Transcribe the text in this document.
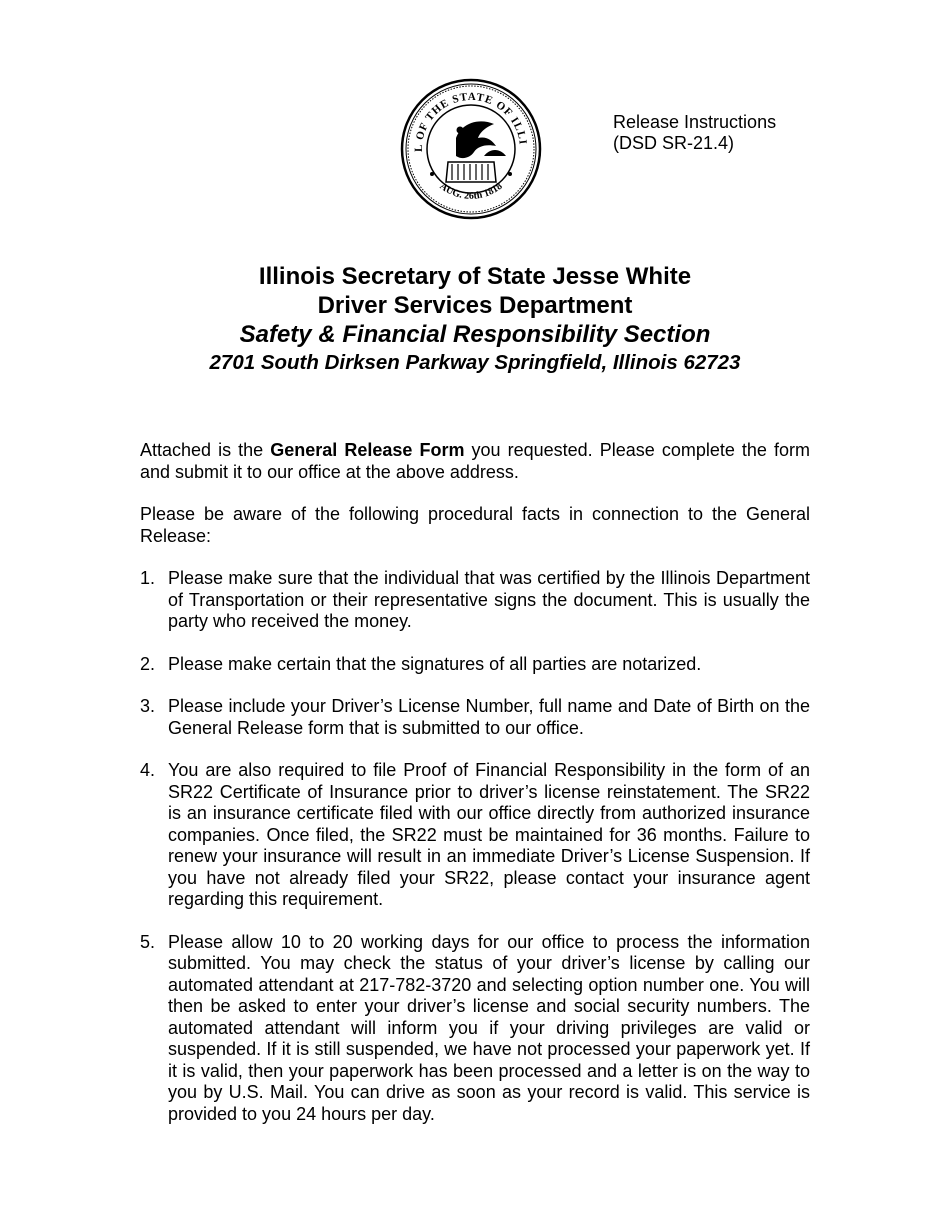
L OF THE STATE OF ILLI
AUG. 26th 1818
Release Instructions
(DSD SR-21.4)
Illinois Secretary of State Jesse White
Driver Services Department
Safety & Financial Responsibility Section
2701 South Dirksen Parkway Springfield, Illinois 62723

Attached is the General Release Form you requested. Please complete the form and submit it to our office at the above address.

Please be aware of the following procedural facts in connection to the General Release:

1. Please make sure that the individual that was certified by the Illinois Department of Transportation or their representative signs the document. This is usually the party who received the money.
2. Please make certain that the signatures of all parties are notarized.
3. Please include your Driver’s License Number, full name and Date of Birth on the General Release form that is submitted to our office.
4. You are also required to file Proof of Financial Responsibility in the form of an SR22 Certificate of Insurance prior to driver’s license reinstatement. The SR22 is an insurance certificate filed with our office directly from authorized insurance companies. Once filed, the SR22 must be maintained for 36 months. Failure to renew your insurance will result in an immediate Driver’s License Suspension. If you have not already filed your SR22, please contact your insurance agent regarding this requirement.
5. Please allow 10 to 20 working days for our office to process the information submitted. You may check the status of your driver’s license by calling our automated attendant at 217-782-3720 and selecting option number one. You will then be asked to enter your driver’s license and social security numbers. The automated attendant will inform you if your driving privileges are valid or suspended. If it is still suspended, we have not processed your paperwork yet. If it is valid, then your paperwork has been processed and a letter is on the way to you by U.S. Mail. You can drive as soon as your record is valid. This service is provided to you 24 hours per day.
